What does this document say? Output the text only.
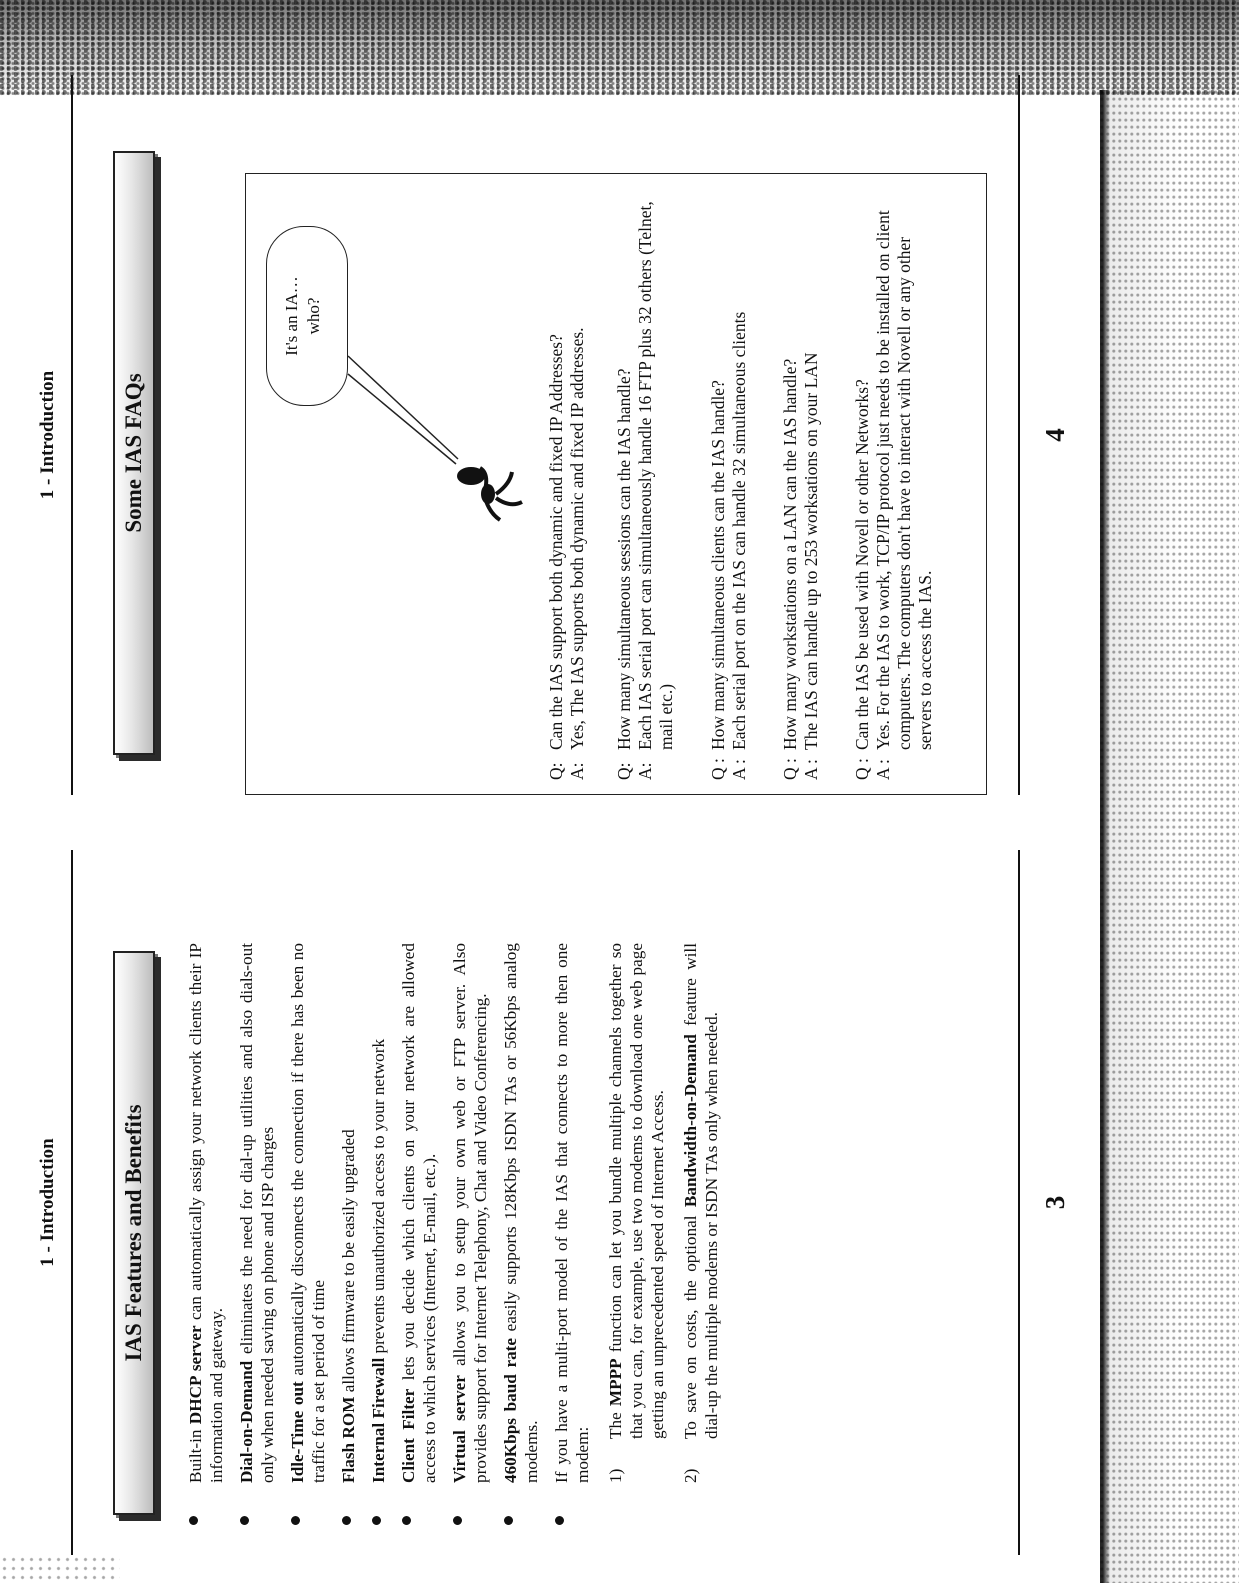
1 - Introduction	IAS Features and Benefits
Built-in DHCP server can automatically assign your network clients their IP information and gateway. Dial-on-Demand eliminates the need for dial-up utilities and also dials-out only when needed saving on phone and ISP charges Idle-Time out automatically disconnects the connection if there has been no traffic for a set period of time Flash ROM allows firmware to be easily upgraded
Internal Firewall prevents unauthorized access to your network
Client Filter lets you decide which clients on your network are allowed access to which services (Internet, E-mail, etc.). Virtual server allows you to setup your own web or FTP server. Also provides support for Internet Telephony, Chat and Video Conferencing. 460Kbps baud rate easily supports 128Kbps ISDN TAs or 56Kbps analog modems. If you have a multi-port model of the IAS that connects to more then one modem: 1)
The MPPP function can let you bundle multiple channels together so that you can, for example, use two modems to download one web page getting an unprecedented speed of Internet Access.
2)
To save on costs, the optional Bandwidth-on-Demand feature will dial-up the multiple modems or ISDN TAs only when needed.	3
1 - Introduction	Some IAS FAQs
It's an IA… who?
Q:
Can the IAS support both dynamic and fixed IP Addresses?
A:
Yes, The IAS supports both dynamic and fixed IP addresses.
Q:
How many simultaneous sessions can the IAS handle?
A:
Each IAS serial port can simultaneously handle 16 FTP plus 32 others (Telnet, mail etc.)
Q :
How many simultaneous clients can the IAS handle?
A :
Each serial port on the IAS can handle 32 simultaneous clients
Q :
How many workstations on a LAN can the IAS handle?
A :
The IAS can handle up to 253 worksations on your LAN
Q :
Can the IAS be used with Novell or other Networks?
A :
Yes. For the IAS to work, TCP/IP protocol just needs to be installed on client computers. The computers don't have to interact with Novell or any other servers to access the IAS.
4
